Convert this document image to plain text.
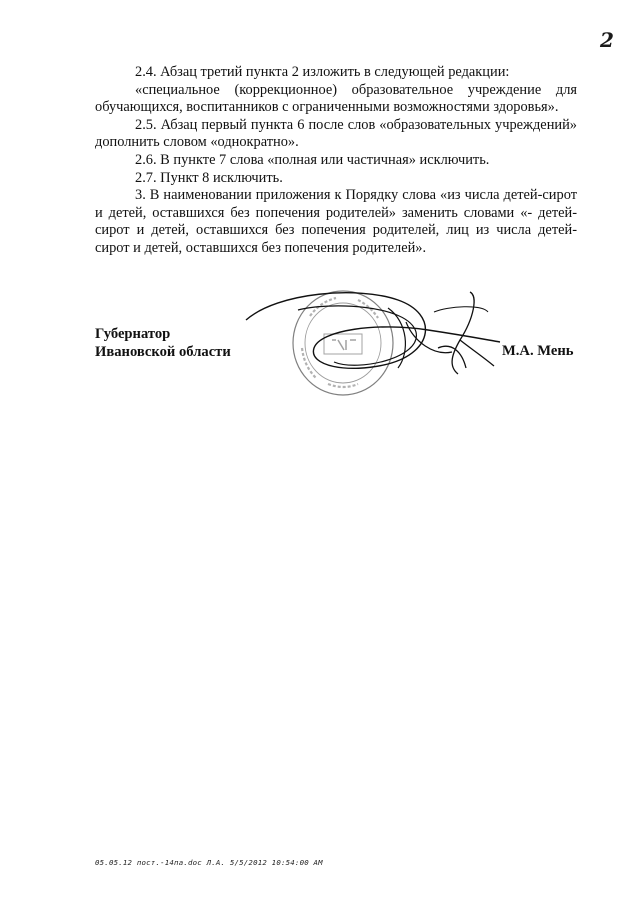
2

2.4. Абзац третий пункта 2 изложить в следующей редакции:

«специальное (коррекционное) образовательное учреждение для обучающихся, воспитанников с ограниченными возможностями здоровья».

2.5. Абзац первый пункта 6 после слов «образовательных учреждений» дополнить словом «однократно».

2.6. В пункте 7 слова «полная или частичная» исключить.

2.7. Пункт 8 исключить.

3. В наименовании приложения к Порядку слова «из числа детей-сирот и детей, оставшихся без попечения родителей» заменить словами «- детей-сирот и детей, оставшихся без попечения родителей, лиц из числа детей-сирот и детей, оставшихся без попечения родителей».

Губернатор
Ивановской области	М.А. Мень
05.05.12 пост.-14па.doc Л.А. 5/5/2012 10:54:00 AM
